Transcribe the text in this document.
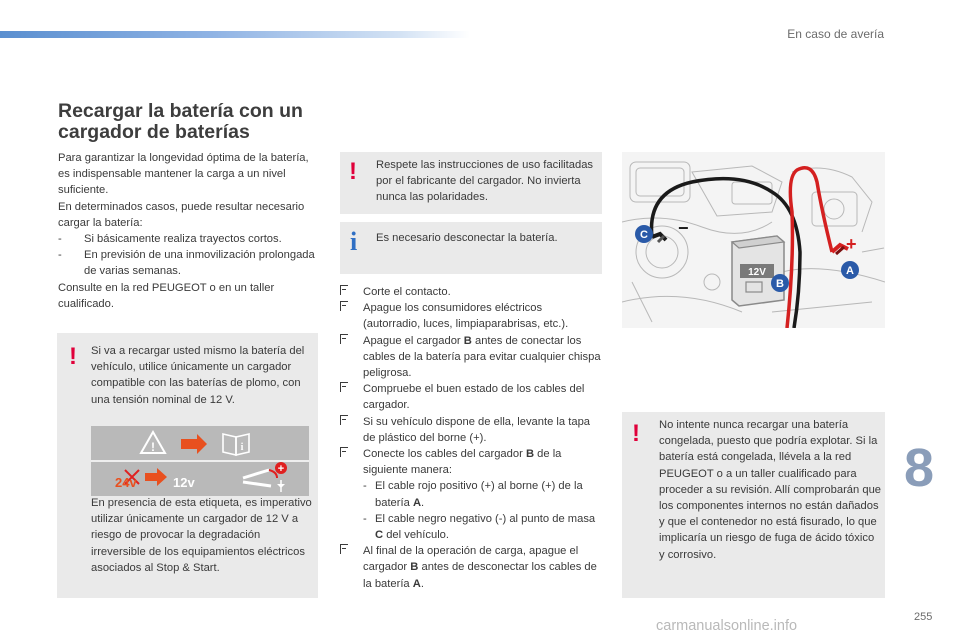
En caso de avería
Recargar la batería con un cargador de baterías
Para garantizar la longevidad óptima de la batería, es indispensable mantener la carga a un nivel suficiente.
En determinados casos, puede resultar necesario cargar la batería:
- Si básicamente realiza trayectos cortos.
- En previsión de una inmovilización prolongada de varias semanas.
Consulte en la red PEUGEOT o en un taller cualificado.
! Si va a recargar usted mismo la batería del vehículo, utilice únicamente un cargador compatible con las baterías de plomo, con una tensión nominal de 12 V.
!	i
24v	12v
+
En presencia de esta etiqueta, es imperativo utilizar únicamente un cargador de 12 V a riesgo de provocar la degradación irreversible de los equipamientos eléctricos asociados al Stop & Start.
! Respete las instrucciones de uso facilitadas por el fabricante del cargador. No invierta nunca las polaridades.
i Es necesario desconectar la batería.
Corte el contacto.
Apague los consumidores eléctricos (autorradio, luces, limpiaparabrisas, etc.).
Apague el cargador B antes de conectar los cables de la batería para evitar cualquier chispa peligrosa.
Compruebe el buen estado de los cables del cargador.
Si su vehículo dispone de ella, levante la tapa de plástico del borne (+).
Conecte los cables del cargador B de la siguiente manera:
- El cable rojo positivo (+) al borne (+) de la batería A.
- El cable negro negativo (-) al punto de masa C del vehículo.
Al final de la operación de carga, apague el cargador B antes de desconectar los cables de la batería A.
−
+
12V
C
B
A
! No intente nunca recargar una batería congelada, puesto que podría explotar. Si la batería está congelada, llévela a la red PEUGEOT o a un taller cualificado para proceder a su revisión. Allí comprobarán que los componentes internos no están dañados y que el contenedor no está fisurado, lo que implicaría un riesgo de fuga de ácido tóxico y corrosivo.
8
255
carmanualsonline.info
